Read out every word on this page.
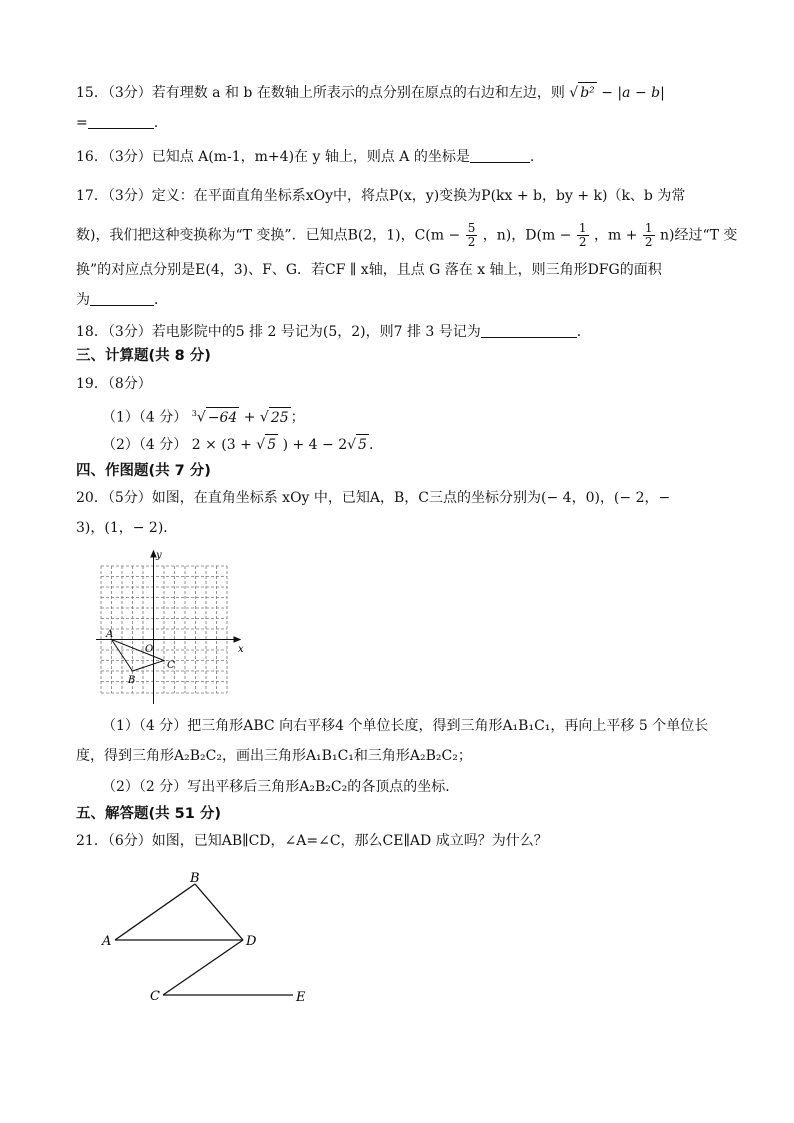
15．（3分）若有理数 a 和 b 在数轴上所表示的点分别在原点的右边和左边，则 √ b² − |a − b|
=	.
16．（3分）已知点 A(m-1，m+4)在 y 轴上，则点 A 的坐标是	.
17．（3分）定义：在平面直角坐标系xOy中，将点P(x，y)变换为P(kx + b，by + k)（k、b 为常
数)，我们把这种变换称为“T 变换”．已知点B(2，1)，$C(m - \frac{5}{2}$ ，n)，$D(m - \frac{1}{2}$ ，$m + \frac{1}{2} n$)经过“T 变
换”的对应点分别是E(4，3)、F、G．若CF ∥ x轴，且点 G 落在 x 轴上，则三角形DFG的面积
为	．
18．（3分）若电影院中的5 排 2 号记为(5，2)，则7 排 3 号记为	．
三、计算题(共 8 分)
19．（8分）
（1）（4 分） $^3$√ −64 + √ 25 ；
（2）（4 分） 2 × (3 + √ 5 ) + 4 − 2√ 5 ．
四、作图题(共 7 分)
20．（5分）如图，在直角坐标系 xOy 中，已知A，B，C三点的坐标分别为(− 4，0)，(− 2，−
3)，(1，− 2)．
x
y
O
A
B
C
（1）（4 分）把三角形ABC 向右平移4 个单位长度，得到三角形A₁B₁C₁，再向上平移 5 个单位长
度，得到三角形A₂B₂C₂，画出三角形A₁B₁C₁和三角形A₂B₂C₂；
（2）（2 分）写出平移后三角形A₂B₂C₂的各顶点的坐标．
五、解答题(共 51 分)
21．（6分）如图，已知AB∥CD，∠A=∠C，那么CE∥AD 成立吗？为什么？
A
B
D
C	E
